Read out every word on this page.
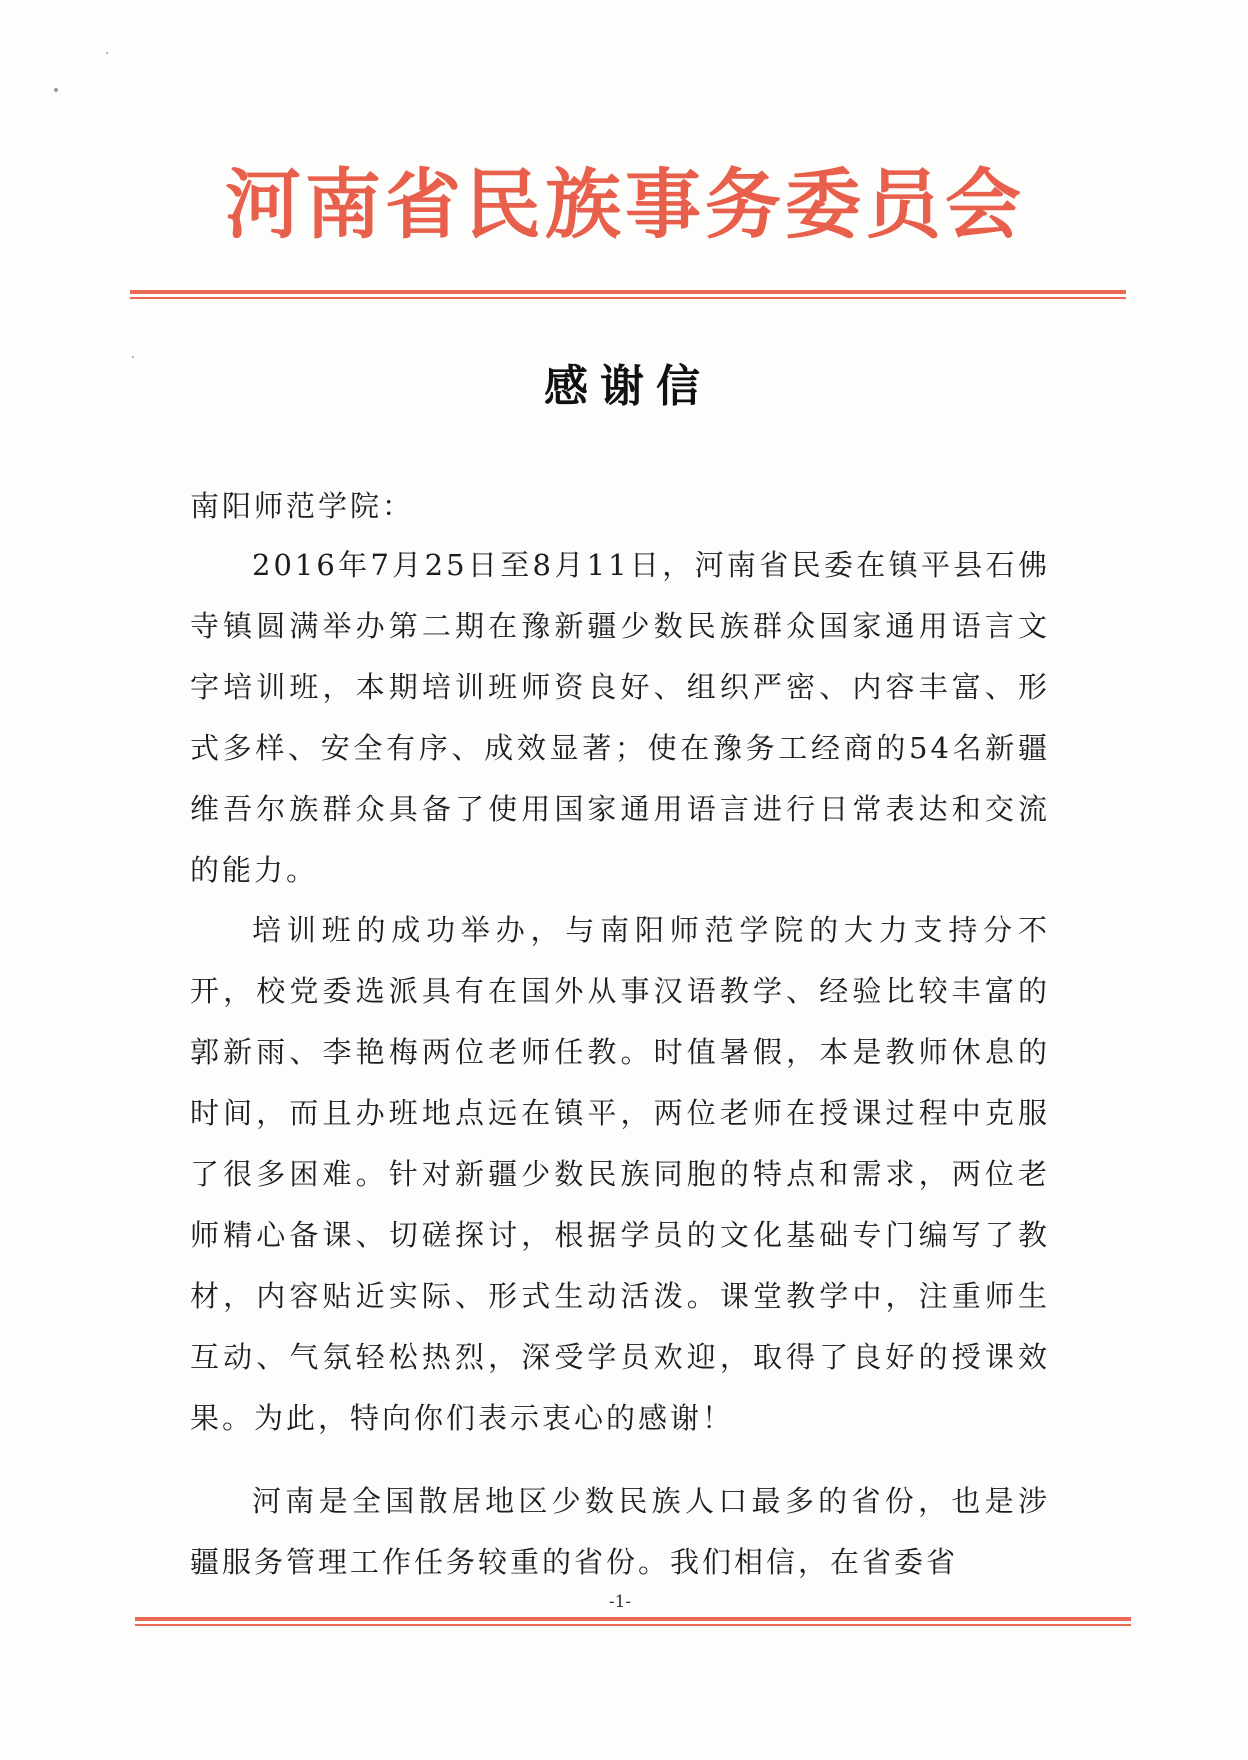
河南省民族事务委员会
感谢信
南阳师范学院：
2016年7月25日至8月11日，河南省民委在镇平县石佛寺镇圆满举办第二期在豫新疆少数民族群众国家通用语言文字培训班，本期培训班师资良好、组织严密、内容丰富、形式多样、安全有序、成效显著；使在豫务工经商的54名新疆维吾尔族群众具备了使用国家通用语言进行日常表达和交流的能力。
培训班的成功举办，与南阳师范学院的大力支持分不开，校党委选派具有在国外从事汉语教学、经验比较丰富的郭新雨、李艳梅两位老师任教。时值暑假，本是教师休息的时间，而且办班地点远在镇平，两位老师在授课过程中克服了很多困难。针对新疆少数民族同胞的特点和需求，两位老师精心备课、切磋探讨，根据学员的文化基础专门编写了教材，内容贴近实际、形式生动活泼。课堂教学中，注重师生互动、气氛轻松热烈，深受学员欢迎，取得了良好的授课效果。为此，特向你们表示衷心的感谢！
河南是全国散居地区少数民族人口最多的省份，也是涉疆服务管理工作任务较重的省份。我们相信，在省委省
-1-
